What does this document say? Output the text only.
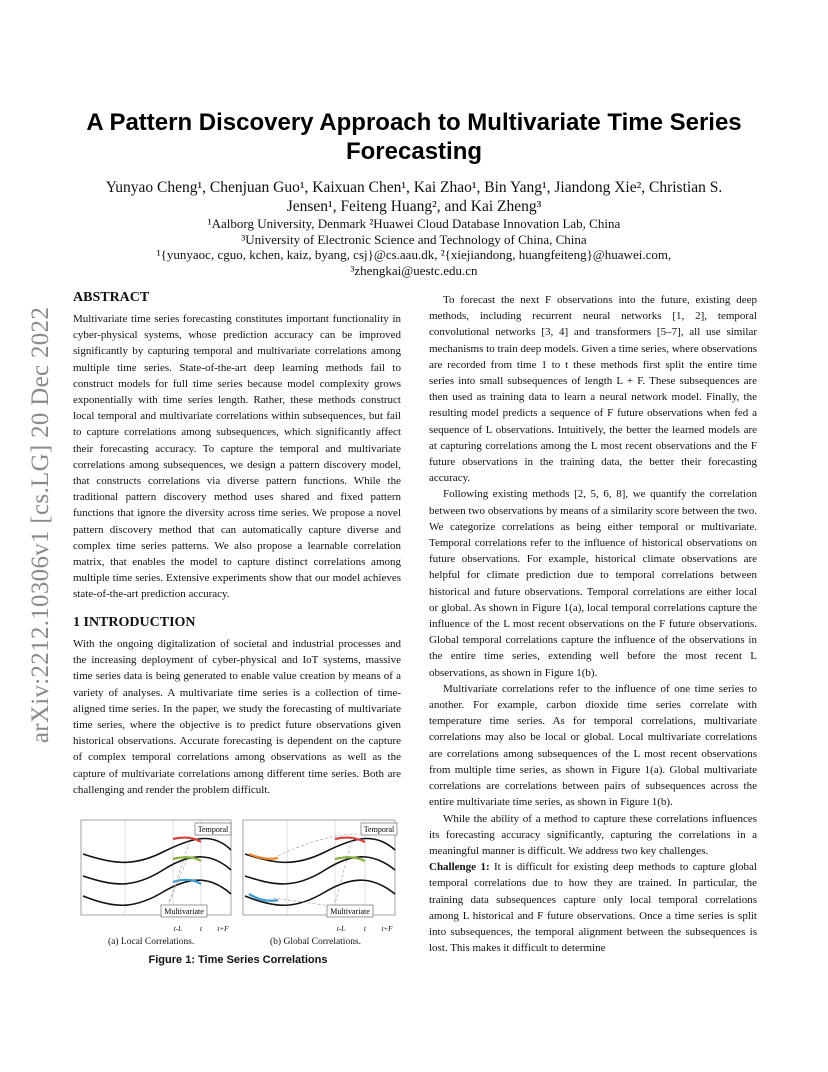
arXiv:2212.10306v1 [cs.LG] 20 Dec 2022
A Pattern Discovery Approach to Multivariate Time Series Forecasting
Yunyao Cheng¹, Chenjuan Guo¹, Kaixuan Chen¹, Kai Zhao¹, Bin Yang¹, Jiandong Xie², Christian S.
Jensen¹, Feiteng Huang², and Kai Zheng³
¹Aalborg University, Denmark ²Huawei Cloud Database Innovation Lab, China
³University of Electronic Science and Technology of China, China
¹{yunyaoc, cguo, kchen, kaiz, byang, csj}@cs.aau.dk, ²{xiejiandong, huangfeiteng}@huawei.com,
³zhengkai@uestc.edu.cn
ABSTRACT

Multivariate time series forecasting constitutes important functionality in cyber-physical systems, whose prediction accuracy can be improved significantly by capturing temporal and multivariate correlations among multiple time series. State-of-the-art deep learning methods fail to construct models for full time series because model complexity grows exponentially with time series length. Rather, these methods construct local temporal and multivariate correlations within subsequences, but fail to capture correlations among subsequences, which significantly affect their forecasting accuracy. To capture the temporal and multivariate correlations among subsequences, we design a pattern discovery model, that constructs correlations via diverse pattern functions. While the traditional pattern discovery method uses shared and fixed pattern functions that ignore the diversity across time series. We propose a novel pattern discovery method that can automatically capture diverse and complex time series patterns. We also propose a learnable correlation matrix, that enables the model to capture distinct correlations among multiple time series. Extensive experiments show that our model achieves state-of-the-art prediction accuracy.

1 INTRODUCTION

With the ongoing digitalization of societal and industrial processes and the increasing deployment of cyber-physical and IoT systems, massive time series data is being generated to enable value creation by means of a variety of analyses. A multivariate time series is a collection of time-aligned time series. In the paper, we study the forecasting of multivariate time series, where the objective is to predict future observations given historical observations. Accurate forecasting is dependent on the capture of complex temporal correlations among observations as well as the capture of multivariate correlations among different time series. Both are challenging and render the problem difficult.

To forecast the next F observations into the future, existing deep methods, including recurrent neural networks [1, 2], temporal convolutional networks [3, 4] and transformers [5–7], all use similar mechanisms to train deep models. Given a time series, where observations are recorded from time 1 to t these methods first split the entire time series into small subsequences of length L + F. These subsequences are then used as training data to learn a neural network model. Finally, the resulting model predicts a sequence of F future observations when fed a sequence of L observations. Intuitively, the better the learned models are at capturing correlations among the L most recent observations and the F future observations in the training data, the better their forecasting accuracy.

Following existing methods [2, 5, 6, 8], we quantify the correlation between two observations by means of a similarity score between the two. We categorize correlations as being either temporal or multivariate. Temporal correlations refer to the influence of historical observations on future observations. For example, historical climate observations are helpful for climate prediction due to temporal correlations between historical and future observations. Temporal correlations are either local or global. As shown in Figure 1(a), local temporal correlations capture the influence of the L most recent observations on the F future observations. Global temporal correlations capture the influence of the observations in the entire time series, extending well before the most recent L observations, as shown in Figure 1(b).

Multivariate correlations refer to the influence of one time series to another. For example, carbon dioxide time series correlate with temperature time series. As for temporal correlations, multivariate correlations may also be local or global. Local multivariate correlations are correlations among subsequences of the L most recent observations from multiple time series, as shown in Figure 1(a). Global multivariate correlations are correlations between pairs of subsequences across the entire multivariate time series, as shown in Figure 1(b).

While the ability of a method to capture these correlations influences its forecasting accuracy significantly, capturing the correlations in a meaningful manner is difficult. We address two key challenges.

Challenge 1: It is difficult for existing deep methods to capture global temporal correlations due to how they are trained. In particular, the training data subsequences capture only local temporal correlations among L historical and F future observations. Once a time series is split into subsequences, the temporal alignment between the subsequences is lost. This makes it difficult to determine

Temporal
Multivariate
t-L	t t+F
Temporal
Multivariate
t-L	t t+F
(a) Local Correlations.	(b) Global Correlations.
Figure 1: Time Series Correlations
